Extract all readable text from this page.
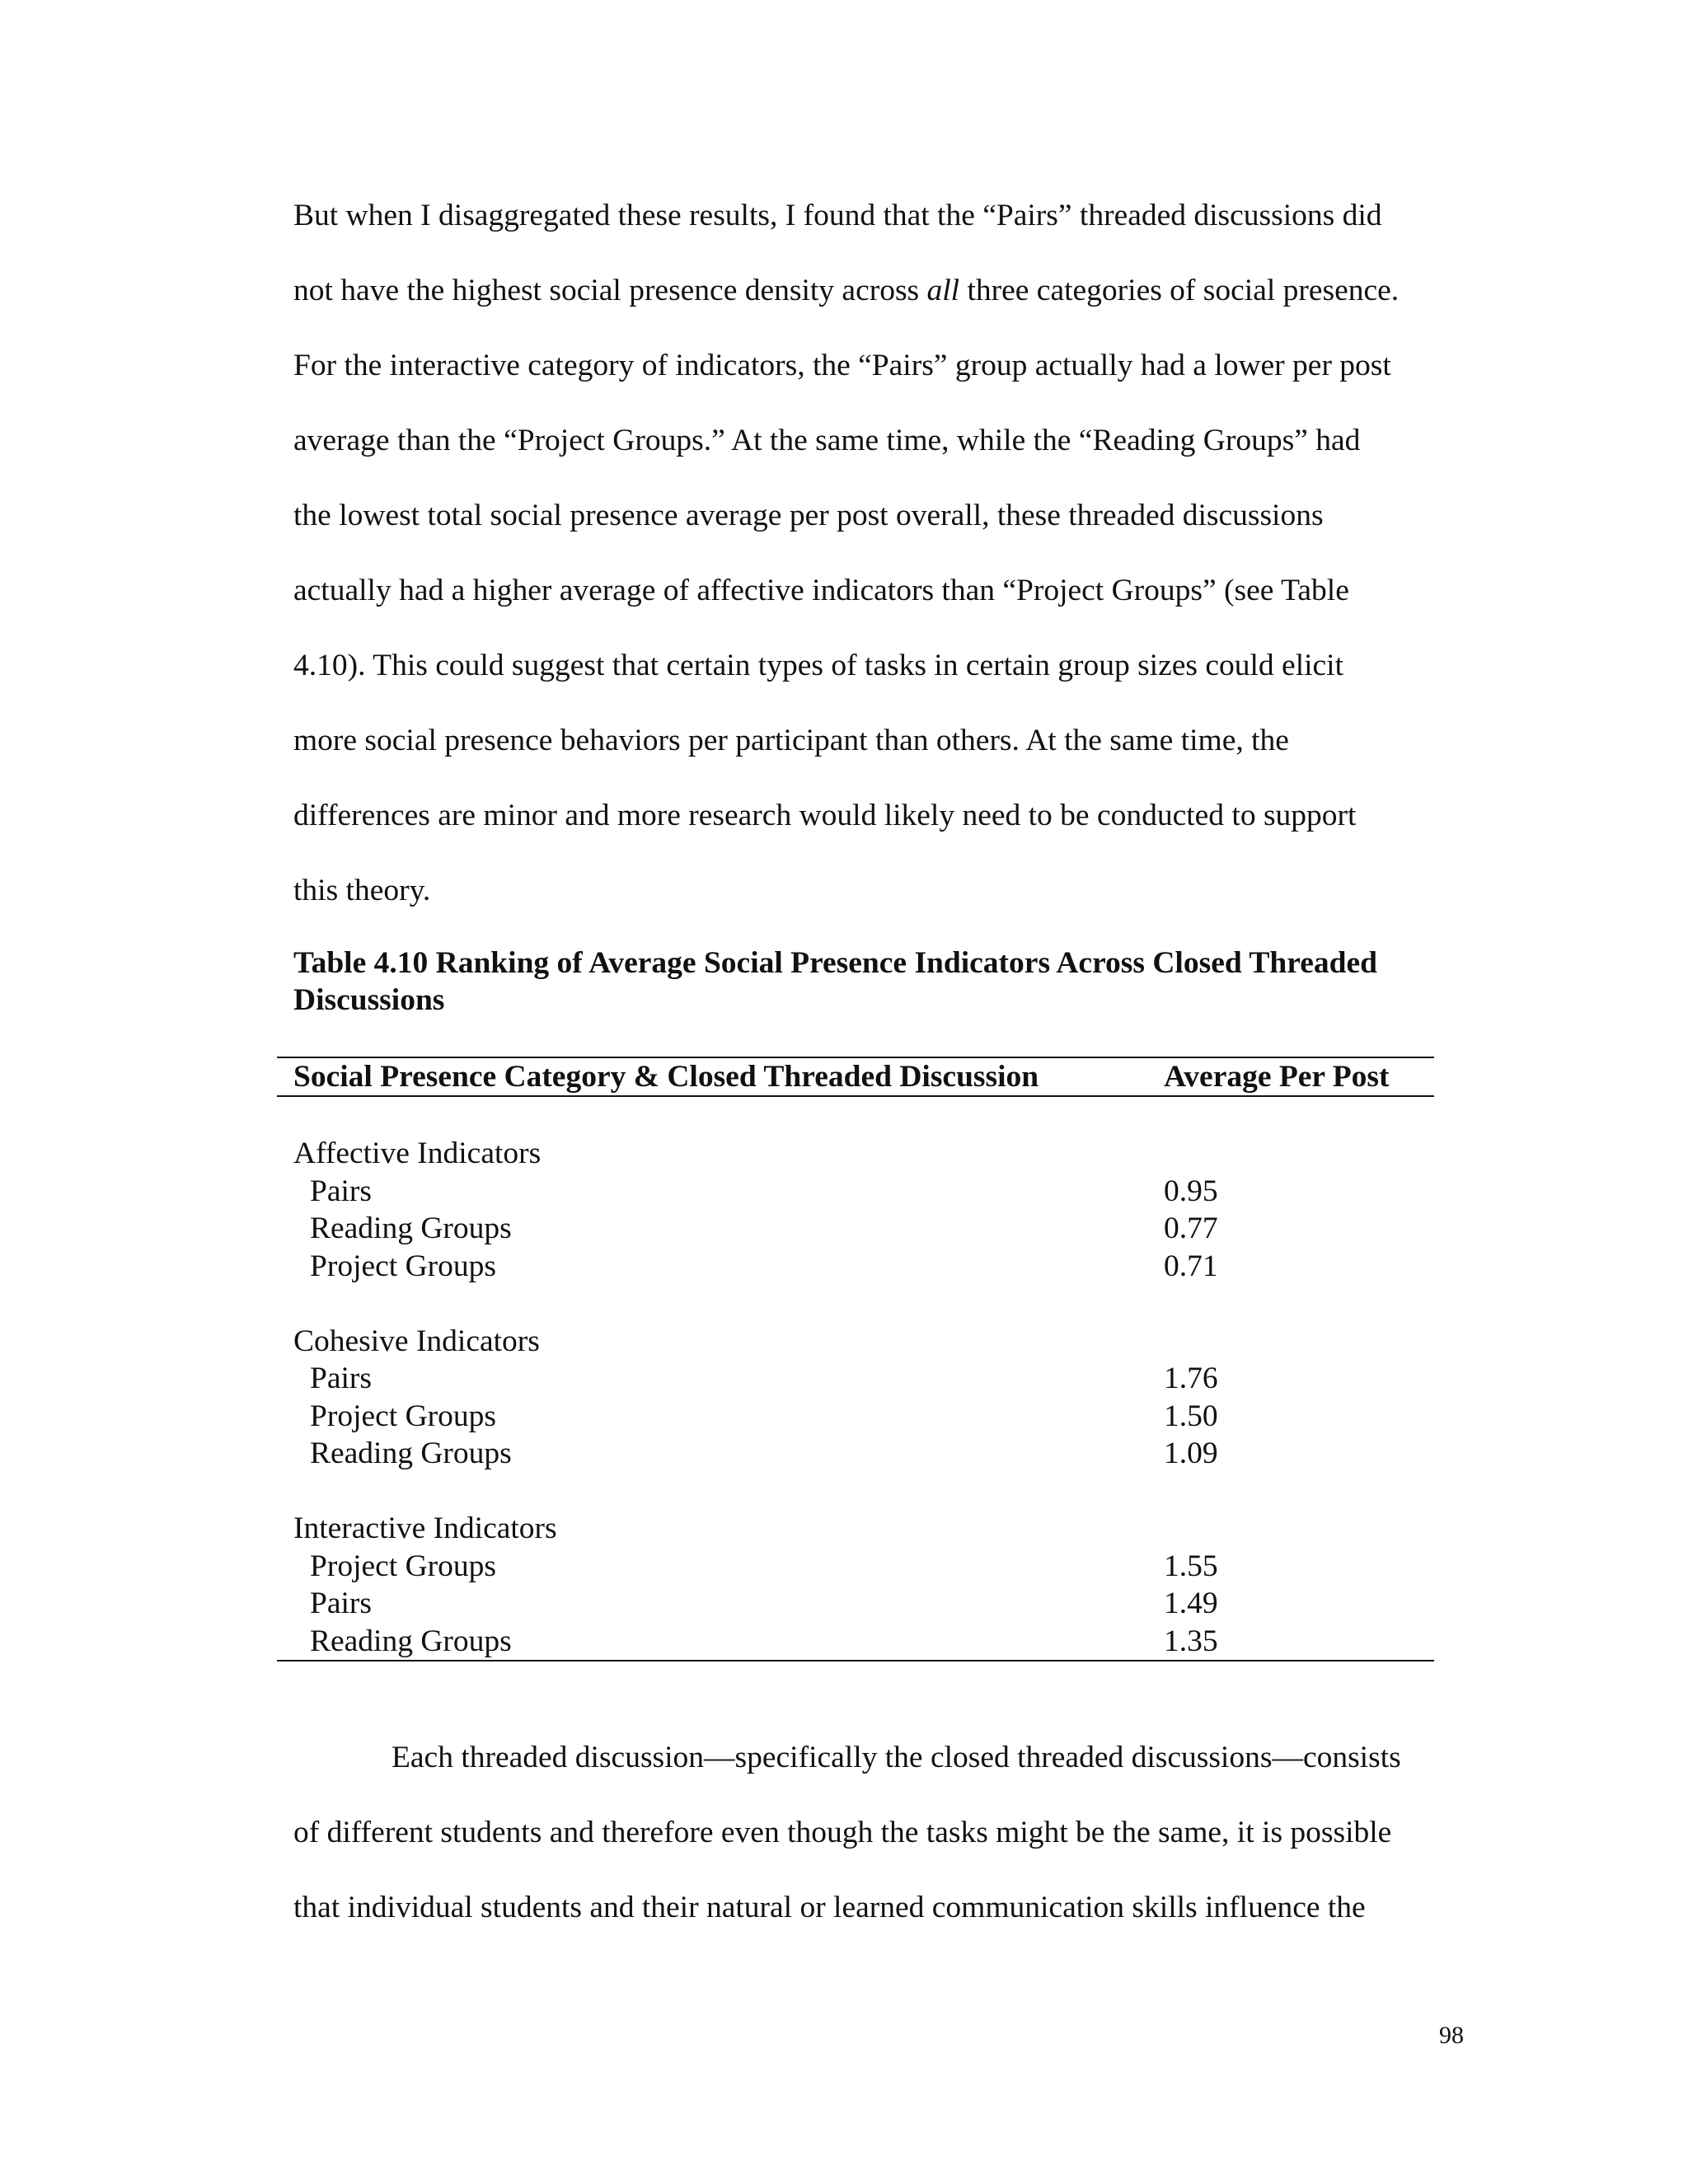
But when I disaggregated these results, I found that the “Pairs” threaded discussions did
not have the highest social presence density across all three categories of social presence.
For the interactive category of indicators, the “Pairs” group actually had a lower per post
average than the “Project Groups.” At the same time, while the “Reading Groups” had
the lowest total social presence average per post overall, these threaded discussions
actually had a higher average of affective indicators than “Project Groups” (see Table
4.10). This could suggest that certain types of tasks in certain group sizes could elicit
more social presence behaviors per participant than others. At the same time, the
differences are minor and more research would likely need to be conducted to support
this theory.

Table 4.10 Ranking of Average Social Presence Indicators Across Closed Threaded
Discussions

Social Presence Category & Closed Threaded Discussion	Average Per Post
Affective Indicators
Pairs	0.95
Reading Groups	0.77
Project Groups	0.71
Cohesive Indicators
Pairs	1.76
Project Groups	1.50
Reading Groups	1.09
Interactive Indicators
Project Groups	1.55
Pairs	1.49
Reading Groups	1.35

Each threaded discussion—specifically the closed threaded discussions—consists
of different students and therefore even though the tasks might be the same, it is possible
that individual students and their natural or learned communication skills influence the

98
